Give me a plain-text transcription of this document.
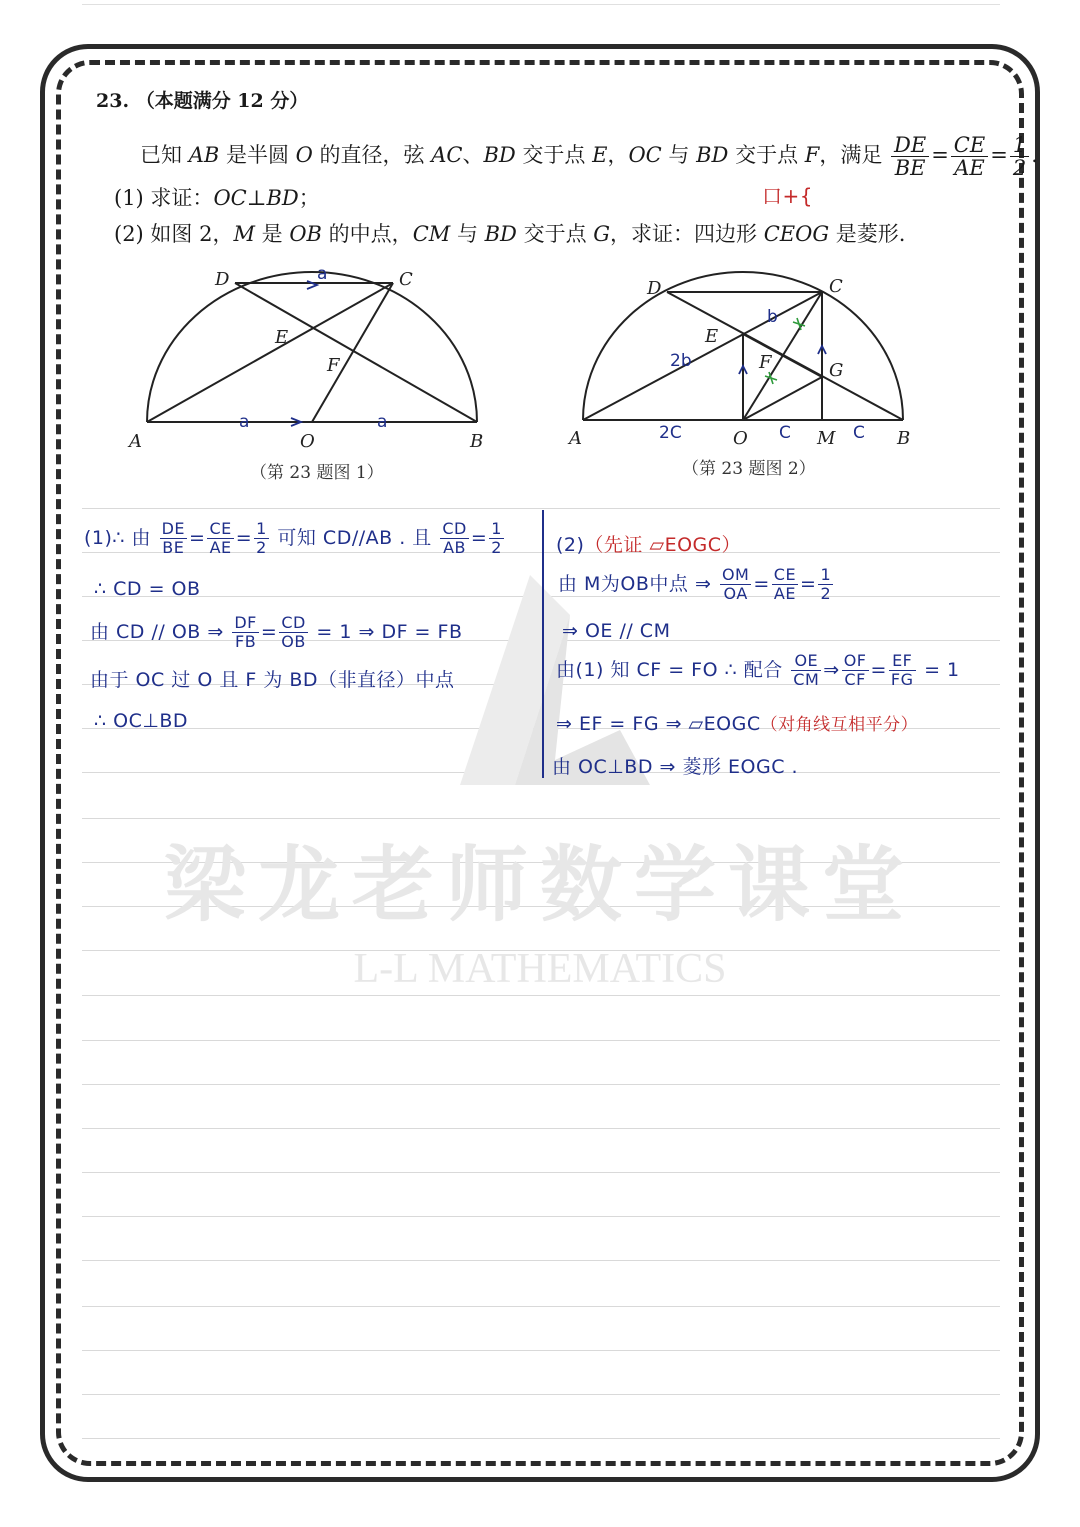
梁龙老师数学课堂
L-L MATHEMATICS
23. （本题满分 12 分）
已知 AB 是半圆 O 的直径，弦 AC、BD 交于点 E，OC 与 BD 交于点 F，满足 $\frac{DE}{BE} = \frac{CE}{AE} = \frac{1}{2}$ .
(1) 求证：OC⊥BD；
(2) 如图 2，M 是 OB 的中点，CM 与 BD 交于点 G，求证：四边形 CEOG 是菱形.
口+{
A	B
C
D
E
F
O
a
a	a
（第 23 题图 1）
A	B
C
D
E
F	G
O	M
2b
b
2C	C	C
（第 23 题图 2）
(1)∴ 由 $\frac{DE}{BE} = \frac{CE}{AE} = \frac{1}{2}$ 可知 CD//AB . 且 $\frac{CD}{AB} = \frac{1}{2}$
∴ CD = OB
由 CD // OB ⇒ $\frac{DF}{FB} = \frac{CD}{OB} = 1$ ⇒ DF = FB
由于 OC 过 O 且 F 为 BD（非直径）中点
∴ OC⊥BD
(2)（先证 ▱EOGC）
由 M为OB中点 ⇒ $\frac{OM}{OA} = \frac{CE}{AE} = \frac{1}{2}$
⇒ OE // CM
由(1) 知 CF = FO ∴ 配合 $\frac{OE}{CM}$ ⇒ $\frac{OF}{CF} = \frac{EF}{FG} = 1$
⇒ EF = FG ⇒ ▱EOGC（对角线互相平分）
由 OC⊥BD ⇒ 菱形 EOGC .
